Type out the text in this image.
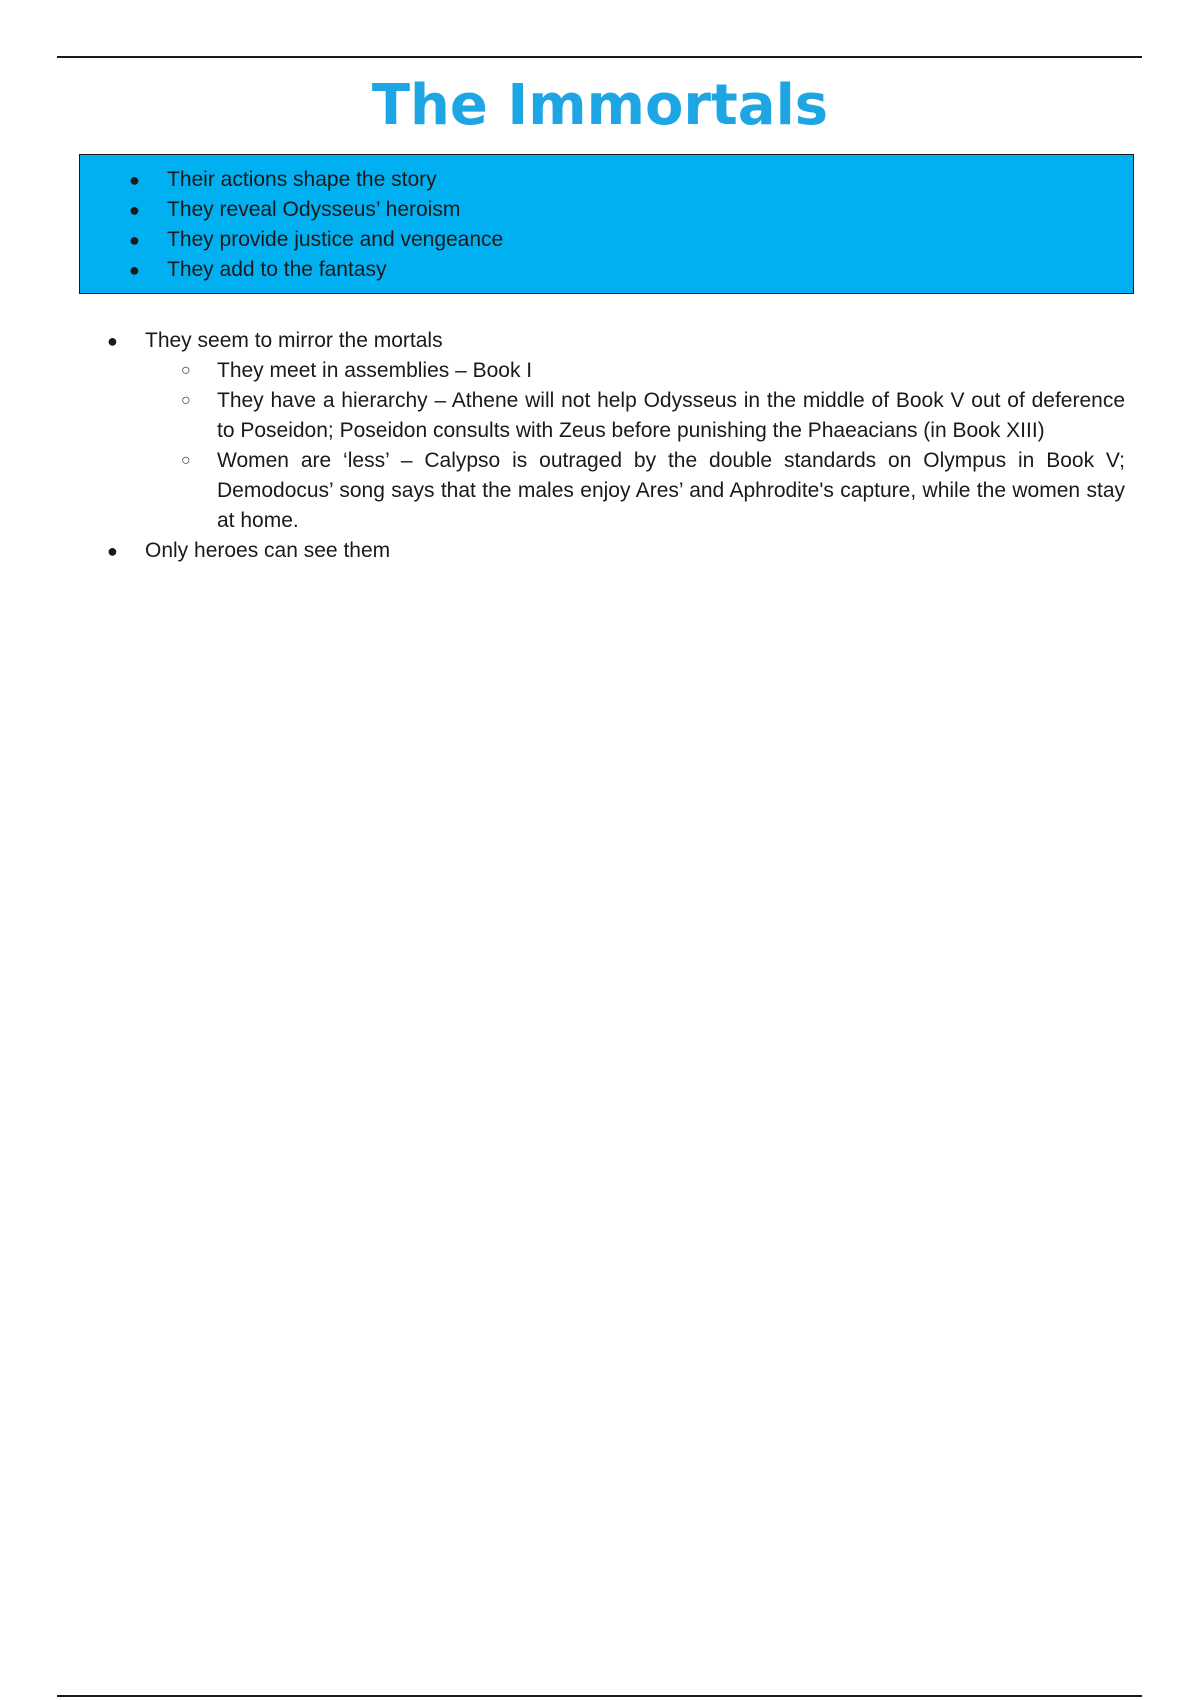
The Immortals
● Their actions shape the story
● They reveal Odysseus’ heroism
● They provide justice and vengeance
● They add to the fantasy
● They seem to mirror the mortals
○ They meet in assemblies – Book I
○ They have a hierarchy – Athene will not help Odysseus in the middle of Book V out of deference to Poseidon; Poseidon consults with Zeus before punishing the Phaeacians (in Book XIII)
○ Women are ‘less’ – Calypso is outraged by the double standards on Olympus in Book V; Demodocus’ song says that the males enjoy Ares’ and Aphrodite's capture, while the women stay at home.
● Only heroes can see them
